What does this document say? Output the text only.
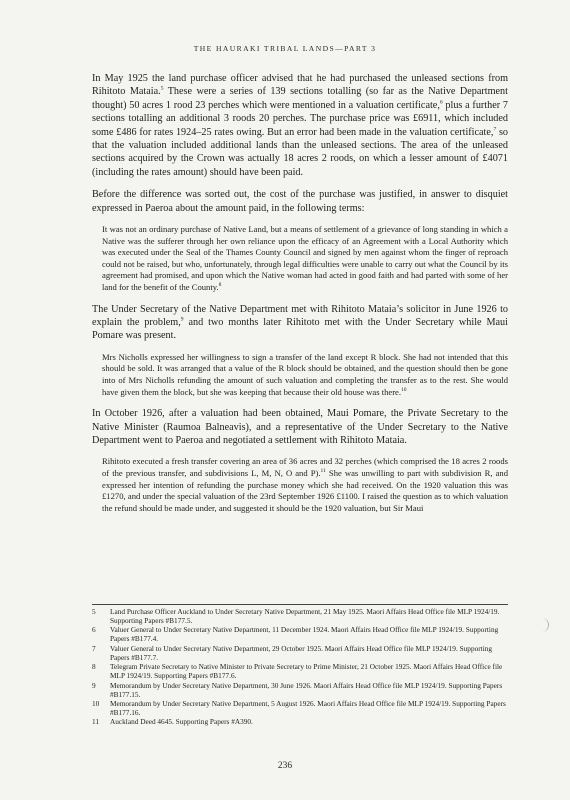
THE HAURAKI TRIBAL LANDS—PART 3

In May 1925 the land purchase officer advised that he had purchased the unleased sections from Rihitoto Mataia.$^5$ These were a series of 139 sections totalling (so far as the Native Department thought) 50 acres 1 rood 23 perches which were mentioned in a valuation certificate,$^6$ plus a further 7 sections totalling an additional 3 roods 20 perches. The purchase price was £6911, which included some £486 for rates 1924–25 rates owing. But an error had been made in the valuation certificate,$^7$ so that the valuation included additional lands than the unleased sections. The area of the unleased sections acquired by the Crown was actually 18 acres 2 roods, on which a lesser amount of £4071 (including the rates amount) should have been paid.

Before the difference was sorted out, the cost of the purchase was justified, in answer to disquiet expressed in Paeroa about the amount paid, in the following terms:

It was not an ordinary purchase of Native Land, but a means of settlement of a grievance of long standing in which a Native was the sufferer through her own reliance upon the efficacy of an Agreement with a Local Authority which was executed under the Seal of the Thames County Council and signed by men against whom the finger of reproach could not be raised, but who, unfortunately, through legal difficulties were unable to carry out what the Council by its agreement had promised, and upon which the Native woman had acted in good faith and had parted with some of her land for the benefit of the County.$^8$

The Under Secretary of the Native Department met with Rihitoto Mataia’s solicitor in June 1926 to explain the problem,$^9$ and two months later Rihitoto met with the Under Secretary while Maui Pomare was present.

Mrs Nicholls expressed her willingness to sign a transfer of the land except R block. She had not intended that this should be sold. It was arranged that a value of the R block should be obtained, and the question should then be gone into of Mrs Nicholls refunding the amount of such valuation and completing the transfer as to the rest. She would have given them the block, but she was keeping that because their old house was there.$^{10}$

In October 1926, after a valuation had been obtained, Maui Pomare, the Private Secretary to the Native Minister (Raumoa Balneavis), and a representative of the Under Secretary to the Native Department went to Paeroa and negotiated a settlement with Rihitoto Mataia.

Rihitoto executed a fresh transfer covering an area of 36 acres and 32 perches (which comprised the 18 acres 2 roods of the previous transfer, and subdivisions L, M, N, O and P).$^{11}$ She was unwilling to part with subdivision R, and expressed her intention of refunding the purchase money which she had received. On the 1920 valuation this was £1270, and under the special valuation of the 23rd September 1926 £1100. I raised the question as to which valuation the refund should be made under, and suggested it should be the 1920 valuation, but Sir Maui

5	Land Purchase Officer Auckland to Under Secretary Native Department, 21 May 1925. Maori Affairs Head Office file MLP 1924/19. Supporting Papers #B177.5.
6	Valuer General to Under Secretary Native Department, 11 December 1924. Maori Affairs Head Office file MLP 1924/19. Supporting Papers #B177.4.
7	Valuer General to Under Secretary Native Department, 29 October 1925. Maori Affairs Head Office file MLP 1924/19. Supporting Papers #B177.7.
8	Telegram Private Secretary to Native Minister to Private Secretary to Prime Minister, 21 October 1925. Maori Affairs Head Office file MLP 1924/19. Supporting Papers #B177.6.
9	Memorandum by Under Secretary Native Department, 30 June 1926. Maori Affairs Head Office file MLP 1924/19. Supporting Papers #B177.15.
10	Memorandum by Under Secretary Native Department, 5 August 1926. Maori Affairs Head Office file MLP 1924/19. Supporting Papers #B177.16.
11	Auckland Deed 4645. Supporting Papers #A390.
236
